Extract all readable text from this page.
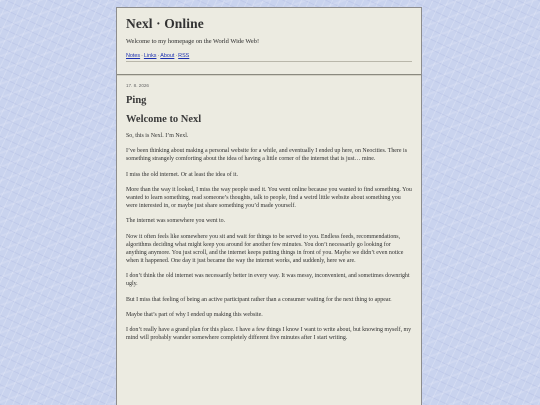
Nexl · Online
Welcome to my homepage on the World Wide Web!
Notes·Links·About·RSS
17. 8. 2026
Ping
Welcome to Nexl

So, this is Nexl. I’m Nexl.

I’ve been thinking about making a personal website for a while, and eventually I ended up here, on Neocities. There is something strangely comforting about the idea of having a little corner of the internet that is just… mine.

I miss the old internet. Or at least the idea of it.

More than the way it looked, I miss the way people used it. You went online because you wanted to find something. You wanted to learn something, read someone’s thoughts, talk to people, find a weird little website about something you were interested in, or maybe just share something you’d made yourself.

The internet was somewhere you went to.

Now it often feels like somewhere you sit and wait for things to be served to you. Endless feeds, recommendations, algorithms deciding what might keep you around for another few minutes. You don’t necessarily go looking for anything anymore. You just scroll, and the internet keeps putting things in front of you. Maybe we didn’t even notice when it happened. One day it just became the way the internet works, and suddenly, here we are.

I don’t think the old internet was necessarily better in every way. It was messy, inconvenient, and sometimes downright ugly.

But I miss that feeling of being an active participant rather than a consumer waiting for the next thing to appear.

Maybe that’s part of why I ended up making this website.

I don’t really have a grand plan for this place. I have a few things I know I want to write about, but knowing myself, my mind will probably wander somewhere completely different five minutes after I start writing.
